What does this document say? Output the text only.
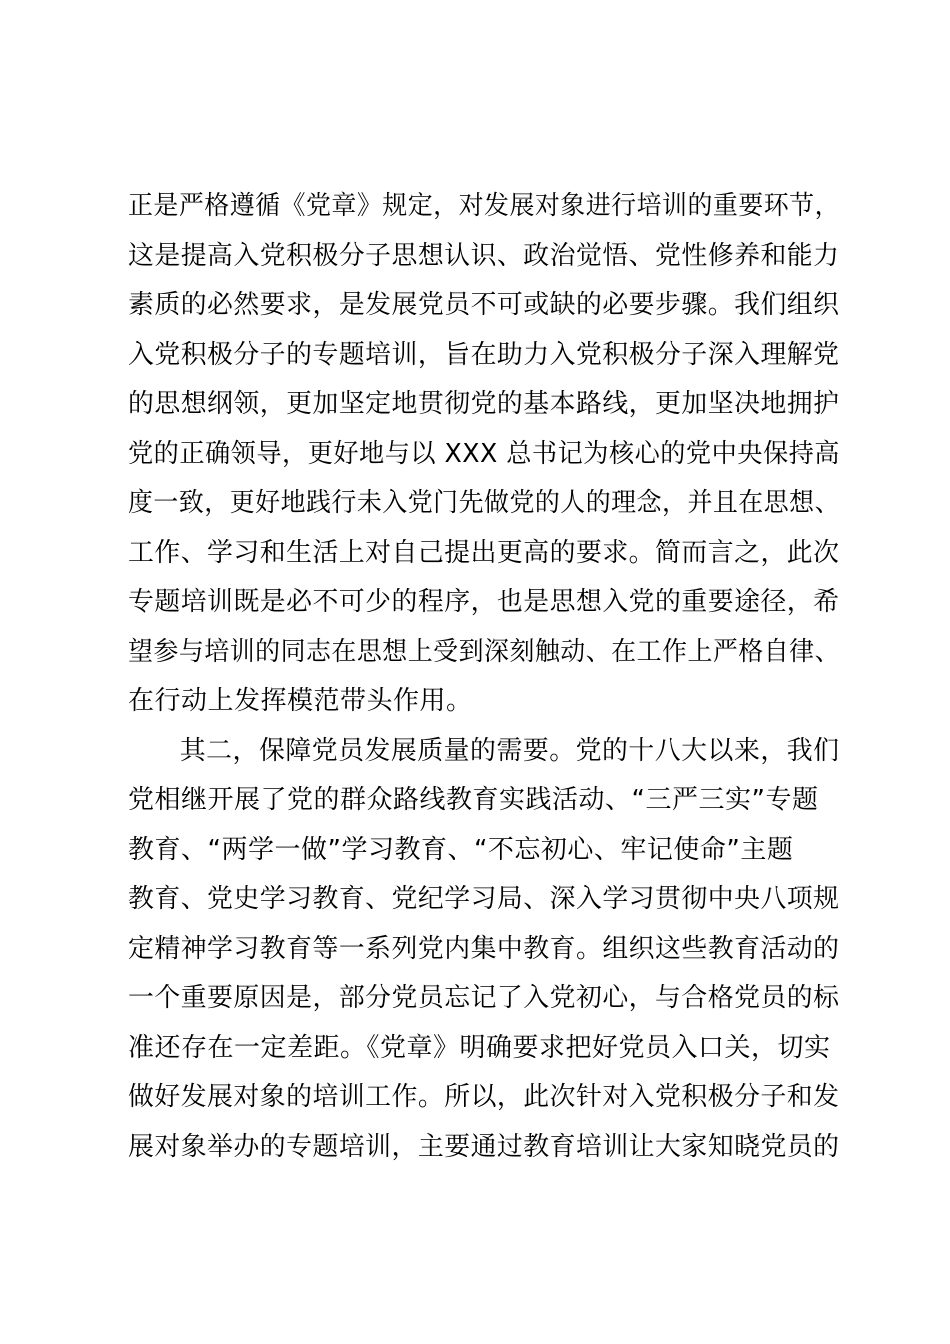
正是严格遵循《党章》规定，对发展对象进行培训的重要环节，
这是提高入党积极分子思想认识、政治觉悟、党性修养和能力
素质的必然要求，是发展党员不可或缺的必要步骤。我们组织
入党积极分子的专题培训，旨在助力入党积极分子深入理解党
的思想纲领，更加坚定地贯彻党的基本路线，更加坚决地拥护
党的正确领导，更好地与以 XXX 总书记为核心的党中央保持高
度一致，更好地践行未入党门先做党的人的理念，并且在思想、
工作、学习和生活上对自己提出更高的要求。简而言之，此次
专题培训既是必不可少的程序，也是思想入党的重要途径，希
望参与培训的同志在思想上受到深刻触动、在工作上严格自律、
在行动上发挥模范带头作用。
其二，保障党员发展质量的需要。党的十八大以来，我们
党相继开展了党的群众路线教育实践活动、“三严三实”专题
教育、“两学一做”学习教育、“不忘初心、牢记使命”主题
教育、党史学习教育、党纪学习局、深入学习贯彻中央八项规
定精神学习教育等一系列党内集中教育。组织这些教育活动的
一个重要原因是，部分党员忘记了入党初心，与合格党员的标
准还存在一定差距。《党章》明确要求把好党员入口关，切实
做好发展对象的培训工作。所以，此次针对入党积极分子和发
展对象举办的专题培训，主要通过教育培训让大家知晓党员的
